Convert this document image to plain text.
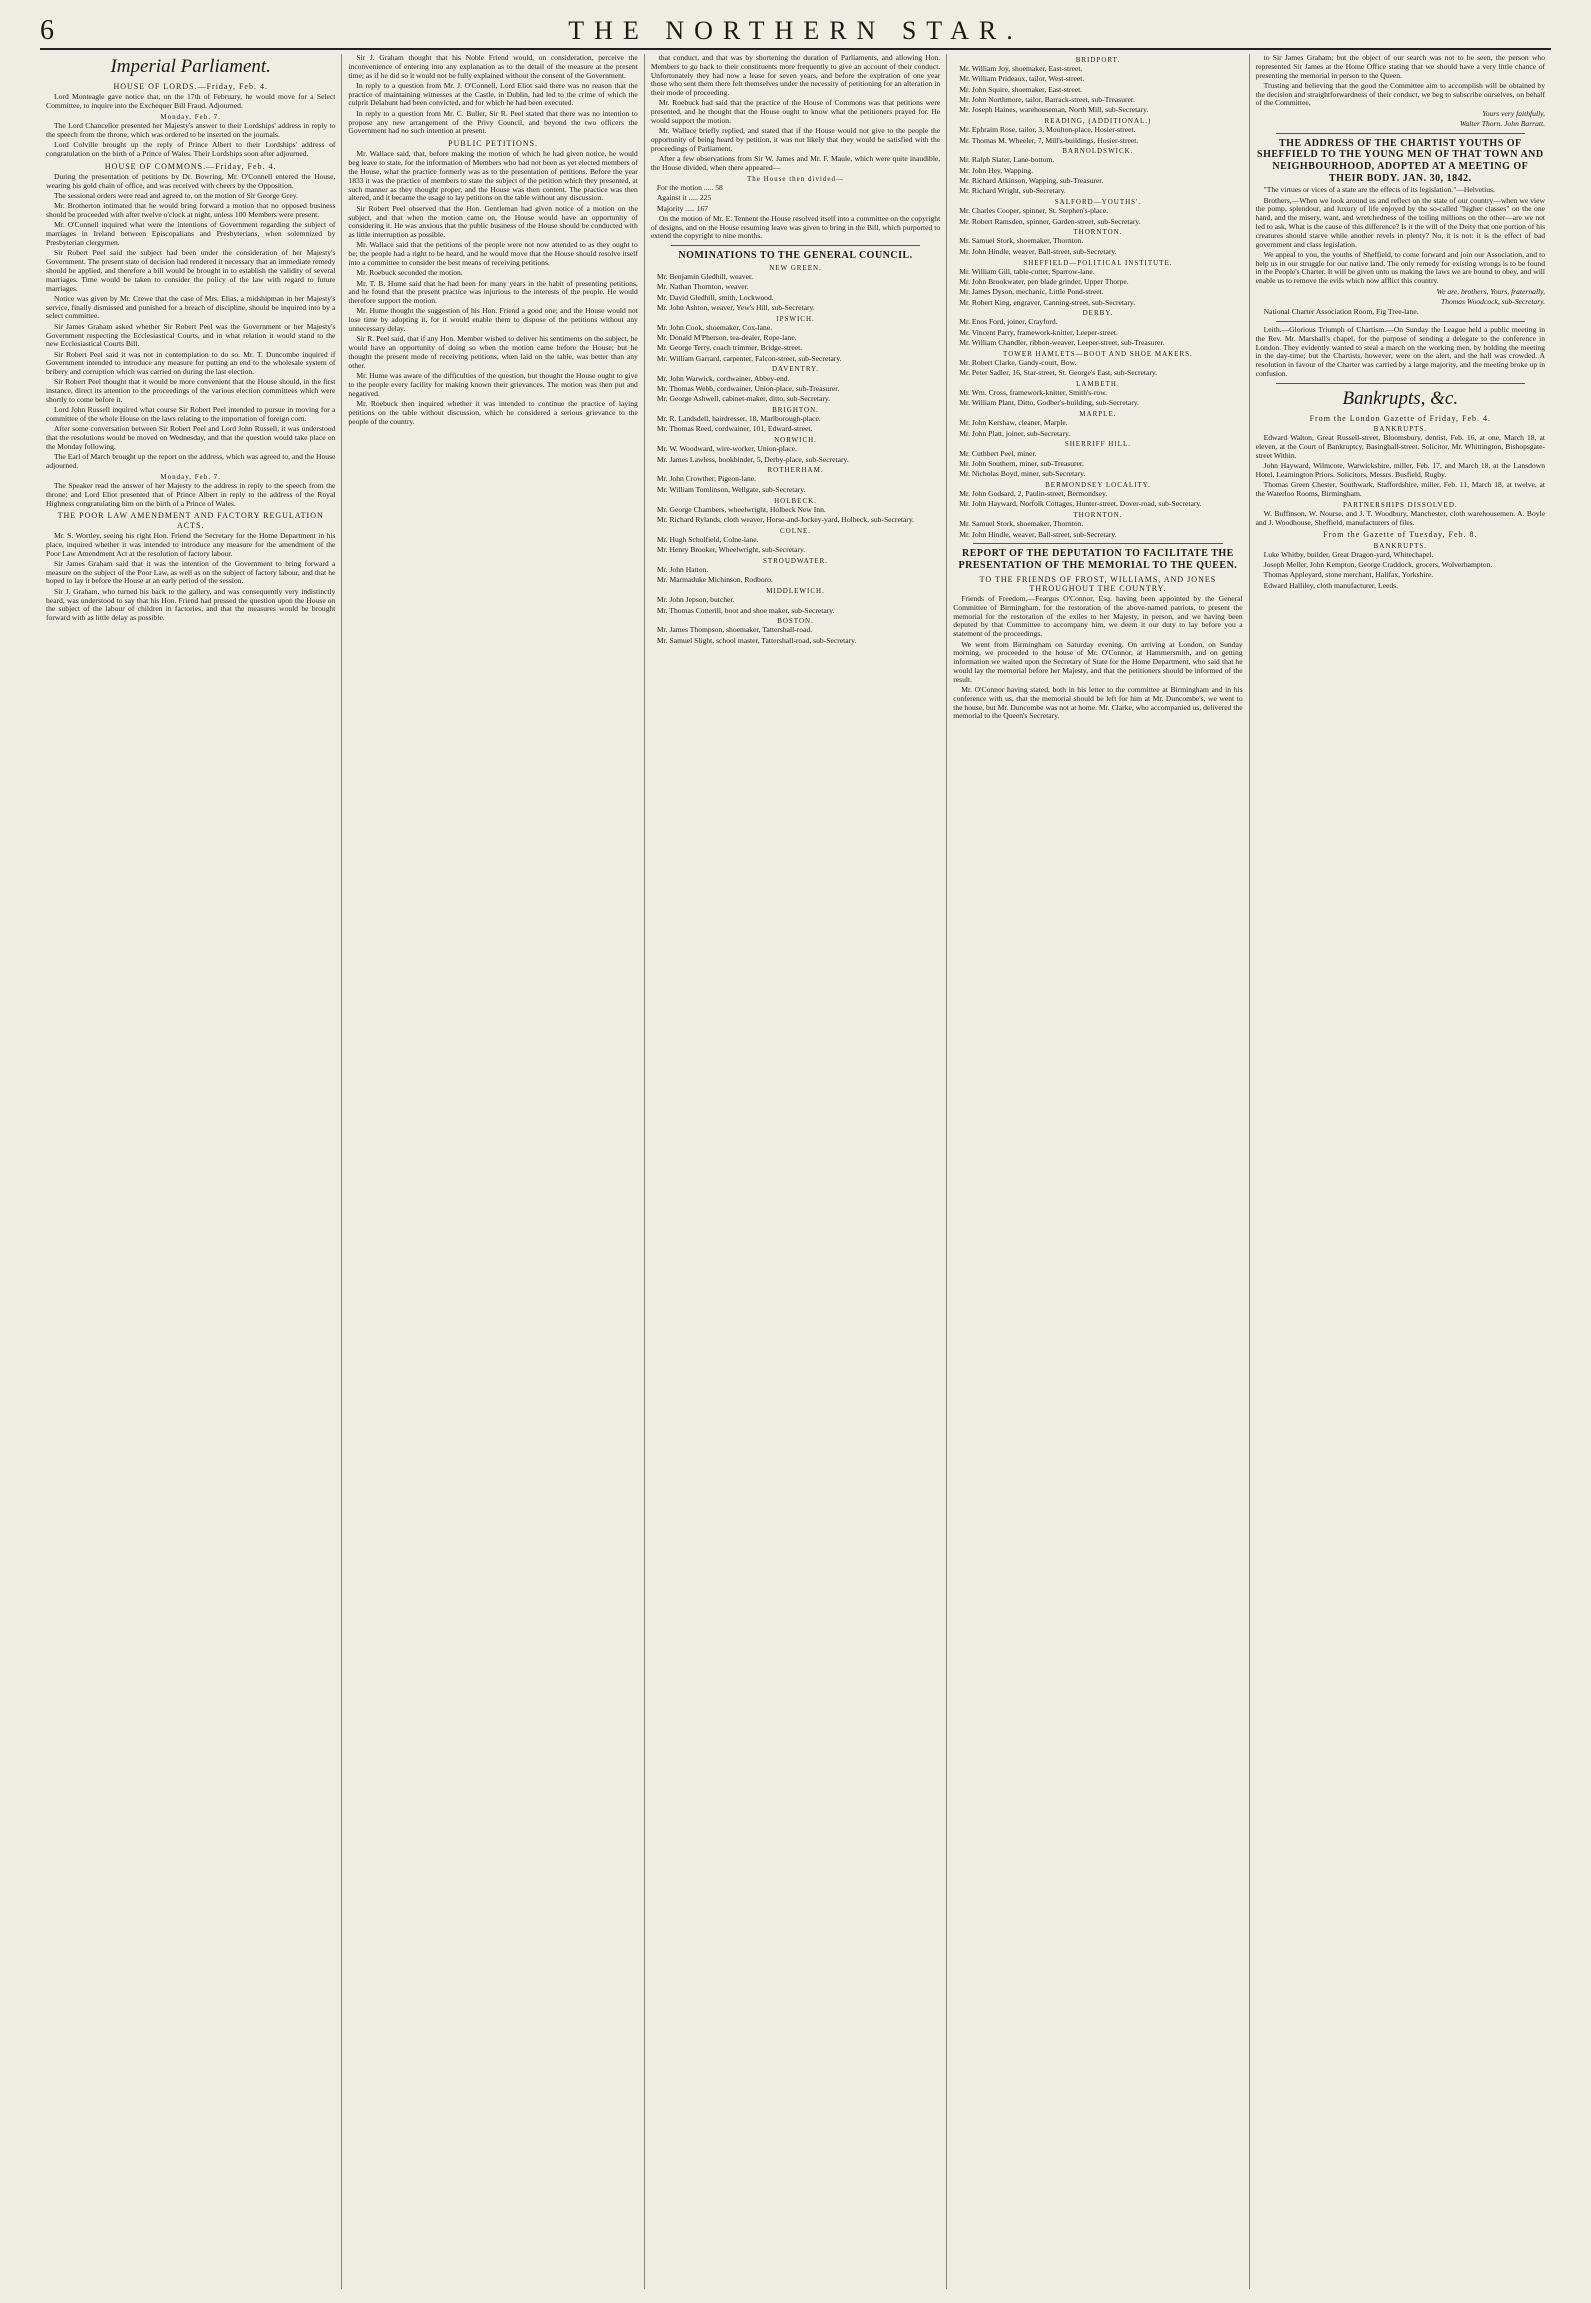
6	THE NORTHERN STAR.

Imperial Parliament.

HOUSE OF LORDS.—Friday, Feb. 4.

Lord Monteagle gave notice that, on the 17th of February, he would move for a Select Committee, to inquire into the Exchequer Bill Fraud. Adjourned.

Monday, Feb. 7.

The Lord Chancellor presented her Majesty's answer to their Lordships' address in reply to the speech from the throne, which was ordered to be inserted on the journals.

Lord Colville brought up the reply of Prince Albert to their Lordships' address of congratulation on the birth of a Prince of Wales. Their Lordships soon after adjourned.

HOUSE OF COMMONS.—Friday, Feb. 4.

During the presentation of petitions by Dr. Bowring, Mr. O'Connell entered the House, wearing his gold chain of office, and was received with cheers by the Opposition.

The sessional orders were read and agreed to, on the motion of Sir George Grey.

Mr. Brotherton intimated that he would bring forward a motion that no opposed business should be proceeded with after twelve o'clock at night, unless 100 Members were present.

Mr. O'Connell inquired what were the intentions of Government regarding the subject of marriages in Ireland between Episcopalians and Presbyterians, when solemnized by Presbyterian clergymen.

Sir Robert Peel said the subject had been under the consideration of her Majesty's Government. The present state of decision had rendered it necessary that an immediate remedy should be applied, and therefore a bill would be brought in to establish the validity of several marriages. Time would be taken to consider the policy of the law with regard to future marriages.

Notice was given by Mr. Crewe that the case of Mrs. Elias, a midshipman in her Majesty's service, finally dismissed and punished for a breach of discipline, should be inquired into by a select committee.

Sir James Graham asked whether Sir Robert Peel was the Government or her Majesty's Government respecting the Ecclesiastical Courts, and in what relation it would stand to the new Ecclesiastical Courts Bill.

Sir Robert Peel said it was not in contemplation to do so. Mr. T. Duncombe inquired if Government intended to introduce any measure for putting an end to the wholesale system of bribery and corruption which was carried on during the last election.

Sir Robert Peel thought that it would be more convenient that the House should, in the first instance, direct its attention to the proceedings of the various election committees which were shortly to come before it.

Lord John Russell inquired what course Sir Robert Peel intended to pursue in moving for a committee of the whole House on the laws relating to the importation of foreign corn.

After some conversation between Sir Robert Peel and Lord John Russell, it was understood that the resolutions would be moved on Wednesday, and that the question would take place on the Monday following.

The Earl of March brought up the report on the address, which was agreed to, and the House adjourned.

Monday, Feb. 7.

The Speaker read the answer of her Majesty to the address in reply to the speech from the throne; and Lord Eliot presented that of Prince Albert in reply to the address of the Royal Highness congratulating him on the birth of a Prince of Wales.

THE POOR LAW AMENDMENT AND FACTORY REGULATION ACTS.

Mr. S. Wortley, seeing his right Hon. Friend the Secretary for the Home Department in his place, inquired whether it was intended to introduce any measure for the amendment of the Poor Law Amendment Act at the resolution of factory labour.

Sir James Graham said that it was the intention of the Government to bring forward a measure on the subject of the Poor Law, as well as on the subject of factory labour, and that he hoped to lay it before the House at an early period of the session.

Sir J. Graham, who turned his back to the gallery, and was consequently very indistinctly heard, was understood to say that his Hon. Friend had pressed the question upon the House on the subject of the labour of children in factories, and that the measures would be brought forward with as little delay as possible.

Sir J. Graham thought that his Noble Friend would, on consideration, perceive the inconvenience of entering into any explanation as to the detail of the measure at the present time; as if he did so it would not be fully explained without the consent of the Government.

In reply to a question from Mr. J. O'Connell, Lord Eliot said there was no reason that the practice of maintaining witnesses at the Castle, in Dublin, had led to the crime of which the culprit Delahunt had been convicted, and for which he had been executed.

In reply to a question from Mr. C. Buller, Sir R. Peel stated that there was no intention to propose any new arrangement of the Privy Council, and beyond the two officers the Government had no such intention at present.

PUBLIC PETITIONS.

Mr. Wallace said, that, before making the motion of which he had given notice, he would beg leave to state, for the information of Members who had not been as yet elected members of the House, what the practice formerly was as to the presentation of petitions. Before the year 1833 it was the practice of members to state the subject of the petition which they presented, at such manner as they thought proper, and the House was then content. The practice was then altered, and it became the usage to lay petitions on the table without any discussion.

Sir Robert Peel observed that the Hon. Gentleman had given notice of a motion on the subject, and that when the motion came on, the House would have an opportunity of considering it. He was anxious that the public business of the House should be conducted with as little interruption as possible.

Mr. Wallace said that the petitions of the people were not now attended to as they ought to be; the people had a right to be heard, and he would move that the House should resolve itself into a committee to consider the best means of receiving petitions.

Mr. Roebuck seconded the motion.

Mr. T. B. Hume said that he had been for many years in the habit of presenting petitions, and he found that the present practice was injurious to the interests of the people. He would therefore support the motion.

Mr. Hume thought the suggestion of his Hon. Friend a good one; and the House would not lose time by adopting it, for it would enable them to dispose of the petitions without any unnecessary delay.

Sir R. Peel said, that if any Hon. Member wished to deliver his sentiments on the subject, he would have an opportunity of doing so when the motion came before the House; but he thought the present mode of receiving petitions, when laid on the table, was better than any other.

Mr. Hume was aware of the difficulties of the question, but thought the House ought to give to the people every facility for making known their grievances. The motion was then put and negatived.

Mr. Roebuck then inquired whether it was intended to continue the practice of laying petitions on the table without discussion, which he considered a serious grievance to the people of the country.

that conduct, and that was by shortening the duration of Parliaments, and allowing Hon. Members to go back to their constituents more frequently to give an account of their conduct. Unfortunately they had now a lease for seven years, and before the expiration of one year those who sent them there felt themselves under the necessity of petitioning for an alteration in their mode of proceeding.

Mr. Roebuck had said that the practice of the House of Commons was that petitions were presented, and he thought that the House ought to know what the petitioners prayed for. He would support the motion.

Mr. Wallace briefly replied, and stated that if the House would not give to the people the opportunity of being heard by petition, it was not likely that they would be satisfied with the proceedings of Parliament.

After a few observations from Sir W. James and Mr. F. Maule, which were quite inaudible, the House divided, when there appeared—

The House then divided—

For the motion ..... 58

Against it ..... 225

Majority ..... 167

On the motion of Mr. E. Tennent the House resolved itself into a committee on the copyright of designs, and on the House resuming leave was given to bring in the Bill, which purported to extend the copyright to nine months.

NOMINATIONS TO THE GENERAL COUNCIL.

NEW GREEN.

Mr. Benjamin Gledhill, weaver.

Mr. Nathan Thornton, weaver.

Mr. David Gledhill, smith, Lockwood.

Mr. John Ashton, weaver, Yew's Hill, sub-Secretary.

IPSWICH.

Mr. John Cook, shoemaker, Cox-lane.

Mr. Donald M'Pherson, tea-dealer, Rope-lane.

Mr. George Terry, coach trimmer, Bridge-street.

Mr. William Garrard, carpenter, Falcon-street, sub-Secretary.

DAVENTRY.

Mr. John Warwick, cordwainer, Abbey-end.

Mr. Thomas Webb, cordwainer, Union-place, sub-Treasurer.

Mr. George Ashwell, cabinet-maker, ditto, sub-Secretary.

BRIGHTON.

Mr. R. Landsdell, hairdresser, 18, Marlborough-place.

Mr. Thomas Reed, cordwainer, 101, Edward-street.

NORWICH.

Mr. W. Woodward, wire-worker, Union-place.

Mr. James Lawless, bookbinder, 5, Derby-place, sub-Secretary.

ROTHERHAM.

Mr. John Crowther, Pigeon-lane.

Mr. William Tomlinson, Wellgate, sub-Secretary.

HOLBECK.

Mr. George Chambers, wheelwright, Holbeck New Inn.

Mr. Richard Rylands, cloth weaver, Horse-and-Jockey-yard, Holbeck, sub-Secretary.

COLNE.

Mr. Hugh Scholfield, Colne-lane.

Mr. Henry Brooker, Wheelwright, sub-Secretary.

STROUDWATER.

Mr. John Hatton.

Mr. Marmaduke Michinson, Rodboro.

MIDDLEWICH.

Mr. John Jepson, butcher.

Mr. Thomas Cotterill, boot and shoe maker, sub-Secretary.

BOSTON.

Mr. James Thompson, shoemaker, Tattershall-road.

Mr. Samuel Slight, school master, Tattershall-road, sub-Secretary.

BRIDPORT.

Mr. William Joy, shoemaker, East-street.

Mr. William Prideaux, tailor, West-street.

Mr. John Squire, shoemaker, East-street.

Mr. John Northmore, tailor, Barrack-street, sub-Treasurer.

Mr. Joseph Haines, warehouseman, North Mill, sub-Secretary.

READING, (ADDITIONAL.)

Mr. Ephraim Rose, tailor, 3, Moulton-place, Hosier-street.

Mr. Thomas M. Wheeler, 7, Mill's-buildings, Hosier-street.

BARNOLDSWICK.

Mr. Ralph Slater, Lane-bottom.

Mr. John Hey, Wapping.

Mr. Richard Atkinson, Wapping, sub-Treasurer.

Mr. Richard Wright, sub-Secretary.

SALFORD—YOUTHS'.

Mr. Charles Cooper, spinner, St. Stephen's-place.

Mr. Robert Ramsden, spinner, Garden-street, sub-Secretary.

THORNTON.

Mr. Samuel Stork, shoemaker, Thornton.

Mr. John Hindle, weaver, Ball-street, sub-Secretary.

SHEFFIELD—POLITICAL INSTITUTE.

Mr. William Gill, table-cutter, Sparrow-lane.

Mr. John Brookwater, pen blade grinder, Upper Thorpe.

Mr. James Dyson, mechanic, Little Pond-street.

Mr. Robert King, engraver, Canning-street, sub-Secretary.

DERBY.

Mr. Enos Ford, joiner, Crayford.

Mr. Vincent Parry, framework-knitter, Leeper-street.

Mr. William Chandler, ribbon-weaver, Leeper-street, sub-Treasurer.

TOWER HAMLETS—BOOT AND SHOE MAKERS.

Mr. Robert Clarke, Gandy-court, Bow.

Mr. Peter Sadler, 16, Star-street, St. George's East, sub-Secretary.

LAMBETH.

Mr. Wm. Cross, framework-knitter, Smith's-row.

Mr. William Plant, Ditto, Godber's-building, sub-Secretary.

MARPLE.

Mr. John Kershaw, cleaner, Marple.

Mr. John Platt, joiner, sub-Secretary.

SHERRIFF HILL.

Mr. Cuthbert Peel, miner.

Mr. John Southern, miner, sub-Treasurer.

Mr. Nicholas Boyd, miner, sub-Secretary.

BERMONDSEY LOCALITY.

Mr. John Godsard, 2, Paulin-street, Bermondsey.

Mr. John Hayward, Norfolk Cottages, Hunter-street, Dover-road, sub-Secretary.

THORNTON.

Mr. Samuel Stork, shoemaker, Thornton.

Mr. John Hindle, weaver, Ball-street, sub-Secretary.

REPORT OF THE DEPUTATION TO FACILITATE THE PRESENTATION OF THE MEMORIAL TO THE QUEEN.

TO THE FRIENDS OF FROST, WILLIAMS, AND JONES THROUGHOUT THE COUNTRY.

Friends of Freedom,—Feargus O'Connor, Esq. having been appointed by the General Committee of Birmingham, for the restoration of the above-named patriots, to present the memorial for the restoration of the exiles to her Majesty, in person, and we having been deputed by that Committee to accompany him, we deem it our duty to lay before you a statement of the proceedings.

We went from Birmingham on Saturday evening. On arriving at London, on Sunday morning, we proceeded to the house of Mr. O'Connor, at Hammersmith, and on getting information we waited upon the Secretary of State for the Home Department, who said that he would lay the memorial before her Majesty, and that the petitioners should be informed of the result.

Mr. O'Connor having stated, both in his letter to the committee at Birmingham and in his conference with us, that the memorial should be left for him at Mr. Duncombe's, we went to the house, but Mr. Duncombe was not at home. Mr. Clarke, who accompanied us, delivered the memorial to the Queen's Secretary.

to Sir James Graham; but the object of our search was not to be seen, the person who represented Sir James at the Home Office stating that we should have a very little chance of presenting the memorial in person to the Queen.

Trusting and believing that the good the Committee aim to accomplish will be obtained by the decision and straightforwardness of their conduct, we beg to subscribe ourselves, on behalf of the Committee,

Yours very faithfully,

Walter Thorn. John Barratt.

THE ADDRESS OF THE CHARTIST YOUTHS OF SHEFFIELD TO THE YOUNG MEN OF THAT TOWN AND NEIGHBOURHOOD, ADOPTED AT A MEETING OF THEIR BODY. JAN. 30, 1842.

"The virtues or vices of a state are the effects of its legislation."—Helvetius.

Brothers,—When we look around us and reflect on the state of our country—when we view the pomp, splendour, and luxury of life enjoyed by the so-called "higher classes" on the one hand, and the misery, want, and wretchedness of the toiling millions on the other—are we not led to ask, What is the cause of this difference? Is it the will of the Deity that one portion of his creatures should starve while another revels in plenty? No, it is not: it is the effect of bad government and class legislation.

We appeal to you, the youths of Sheffield, to come forward and join our Association, and to help us in our struggle for our native land. The only remedy for existing wrongs is to be found in the People's Charter. It will be given unto us making the laws we are bound to obey, and will enable us to remove the evils which now afflict this country.

We are, brothers, Yours, fraternally,

Thomas Woodcock, sub-Secretary.

National Charter Association Room, Fig Tree-lane.

Leith.—Glorious Triumph of Chartism.—On Sunday the League held a public meeting in the Rev. Mr. Marshall's chapel, for the purpose of sending a delegate to the conference in London. They evidently wanted to steal a march on the working men, by holding the meeting in the day-time; but the Chartists, however, were on the alert, and the hall was crowded. A resolution in favour of the Charter was carried by a large majority, and the meeting broke up in confusion.

Bankrupts, &c.

From the London Gazette of Friday, Feb. 4.

BANKRUPTS.

Edward Walton, Great Russell-street, Bloomsbury, dentist, Feb. 16, at one, March 18, at eleven, at the Court of Bankruptcy, Basinghall-street. Solicitor, Mr. Whittington, Bishopsgate-street Within.

John Hayward, Wilmcote, Warwickshire, miller, Feb. 17, and March 18, at the Lansdown Hotel, Leamington Priors. Solicitors, Messrs. Busfield, Rugby.

Thomas Green Chester, Southwark, Staffordshire, miller, Feb. 11, March 18, at twelve, at the Waterloo Rooms, Birmingham.

PARTNERSHIPS DISSOLVED.

W. Buffinson, W. Nourse, and J. T. Woodbury, Manchester, cloth warehousemen. A. Boyle and J. Woodhouse, Sheffield, manufacturers of files.

From the Gazette of Tuesday, Feb. 8.

BANKRUPTS.

Luke Whitby, builder, Great Dragon-yard, Whitechapel.

Joseph Meller, John Kempton, George Craddock, grocers, Wolverhampton.

Thomas Appleyard, stone merchant, Halifax, Yorkshire.

Edward Halliley, cloth manufacturer, Leeds.
